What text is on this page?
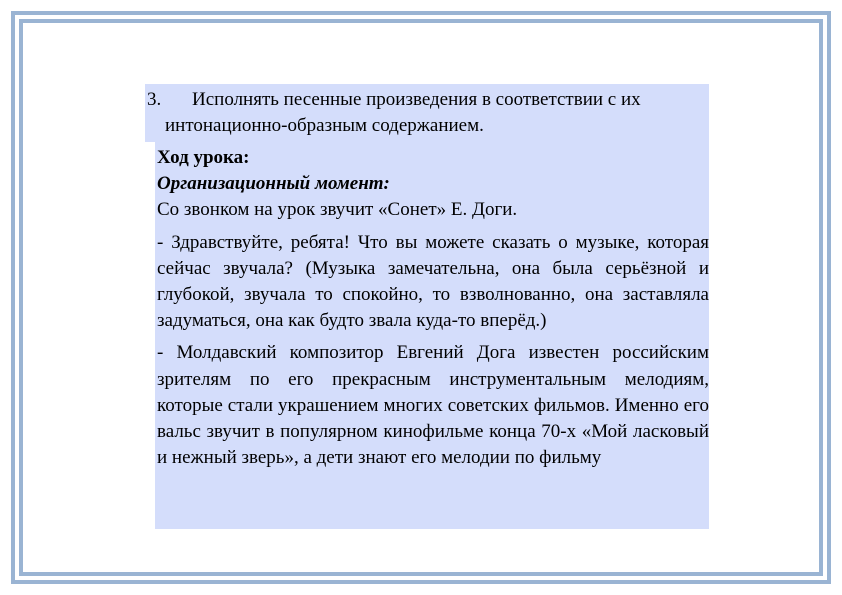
3. Исполнять песенные произведения в соответствии с их
интонационно-образным содержанием.

Ход урока:

Организационный момент:

Со звонком на урок звучит «Сонет» Е. Доги.

- Здравствуйте, ребята! Что вы можете сказать о музыке, которая сейчас звучала? (Музыка замечательна, она была серьёзной и глубокой, звучала то спокойно, то взволнованно, она заставляла задуматься, она как будто звала куда-то вперёд.)

- Молдавский композитор Евгений Дога известен российским зрителям по его прекрасным инструментальным мелодиям, которые стали украшением многих советских фильмов. Именно его вальс звучит в популярном кинофильме конца 70-х «Мой ласковый и нежный зверь», а дети знают его мелодии по фильму
